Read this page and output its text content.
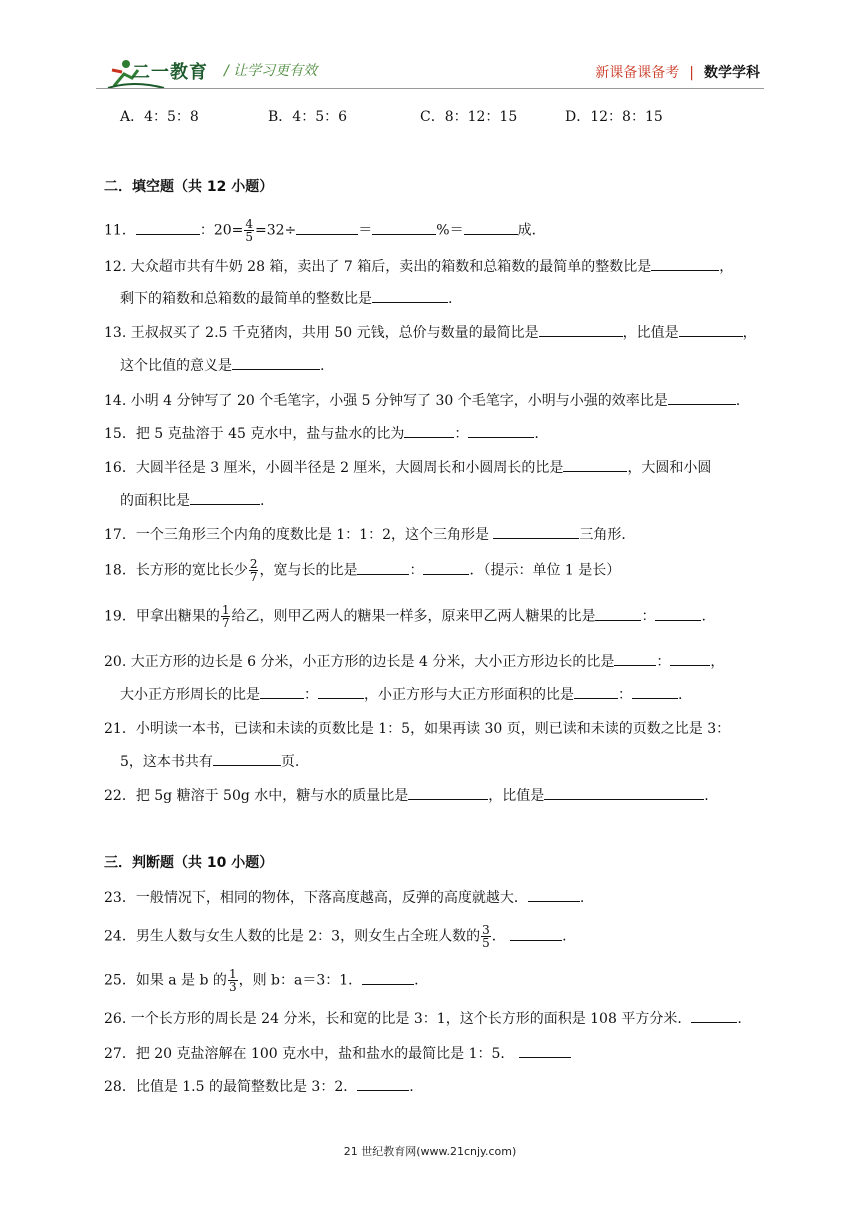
二一教育 / 让学习更有效	新课备课备考 | 数学学科
A．4：5：8	B．4：5：6	C．8：12：15	D．12：8：15
二．填空题（共 12 小题）
11．	：$20= \frac{4}{5} =32\div$	＝	%＝	成．
12. 大众超市共有牛奶 28 箱，卖出了 7 箱后，卖出的箱数和总箱数的最简单的整数比是	，
剩下的箱数和总箱数的最简单的整数比是	.
13. 王叔叔买了 2.5 千克猪肉，共用 50 元钱，总价与数量的最简比是	，比值是	，
这个比值的意义是	.
14. 小明 4 分钟写了 20 个毛笔字，小强 5 分钟写了 30 个毛笔字，小明与小强的效率比是	.
15．把 5 克盐溶于 45 克水中，盐与盐水的比为	：	.
16．大圆半径是 3 厘米，小圆半径是 2 厘米，大圆周长和小圆周长的比是	，大圆和小圆
的面积比是	.
17．一个三角形三个内角的度数比是 1：1：2，这个三角形是	三角形．
18．长方形的宽比长少 $\frac{2}{7}$ ，宽与长的比是	：	．（提示：单位 1 是长）
19．甲拿出糖果的 $\frac{1}{7}$ 给乙，则甲乙两人的糖果一样多，原来甲乙两人糖果的比是	：	.
20. 大正方形的边长是 6 分米，小正方形的边长是 4 分米，大小正方形边长的比是	：	，
大小正方形周长的比是	：	，小正方形与大正方形面积的比是	：	.
21．小明读一本书，已读和未读的页数比是 1：5，如果再读 30 页，则已读和未读的页数之比是 3：
5，这本书共有	页.
22．把 5g 糖溶于 50g 水中，糖与水的质量比是	，比值是	.
三．判断题（共 10 小题）
23．一般情况下，相同的物体，下落高度越高，反弹的高度就越大．	.
24．男生人数与女生人数的比是 2：3，则女生占全班人数的 $\frac{3}{5}$ ．	.
25．如果 a 是 b 的 $\frac{1}{3}$ ，则 b：a＝3：1．	.
26. 一个长方形的周长是 24 分米，长和宽的比是 3：1，这个长方形的面积是 108 平方分米．	.
27．把 20 克盐溶解在 100 克水中，盐和盐水的最简比是 1：5．
28．比值是 1.5 的最简整数比是 3：2．	.
21 世纪教育网(www.21cnjy.com)
